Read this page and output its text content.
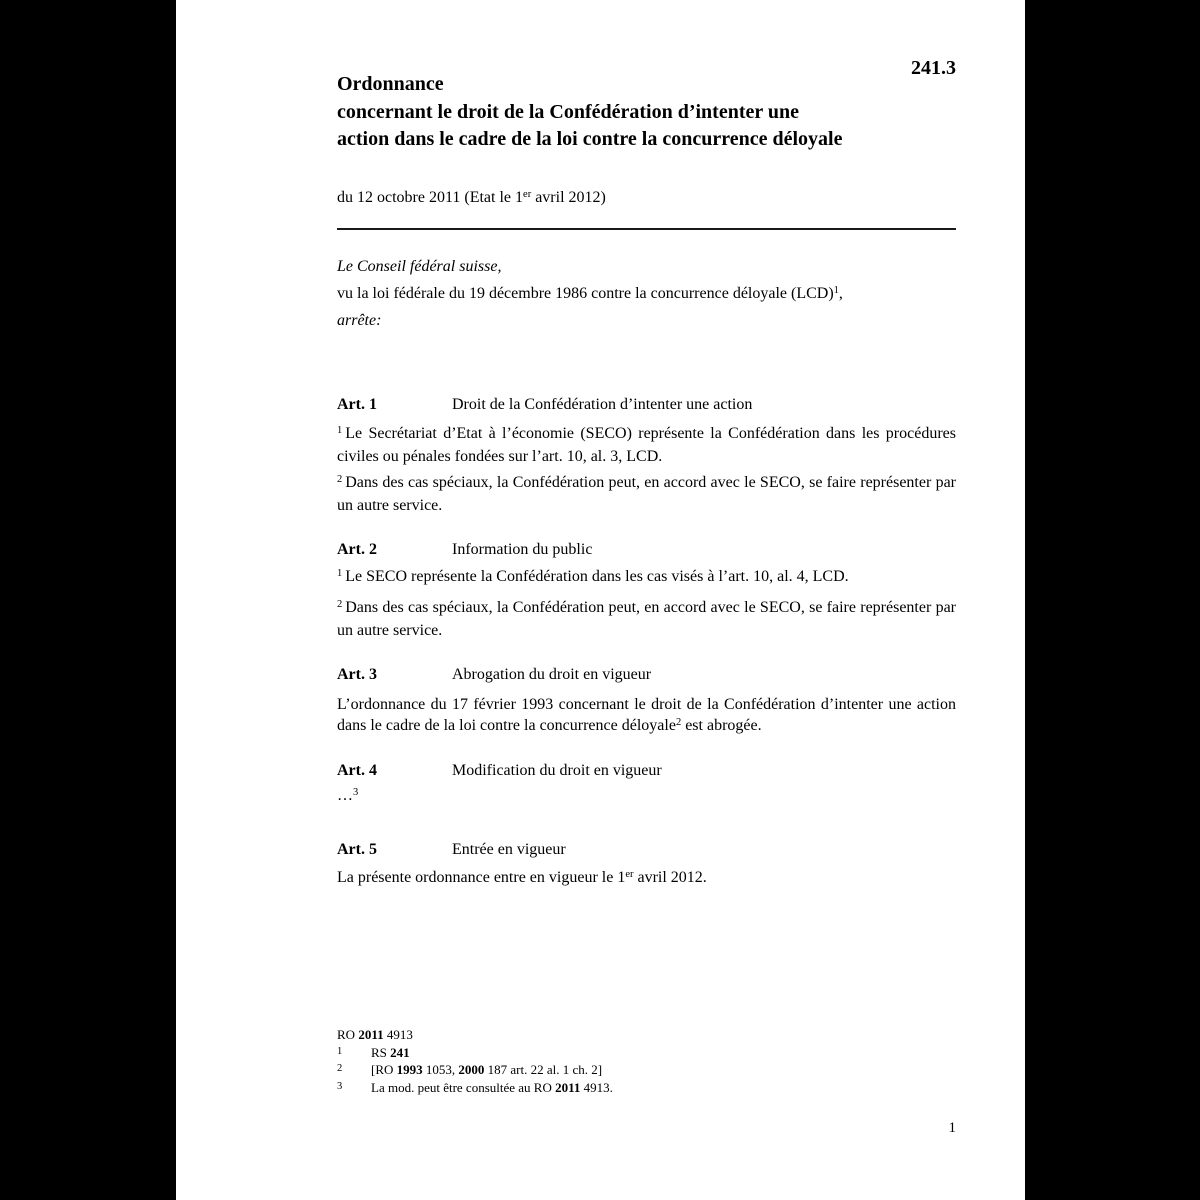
241.3
Ordonnance
concernant le droit de la Confédération d’intenter une
action dans le cadre de la loi contre la concurrence déloyale
du 12 octobre 2011 (Etat le 1er avril 2012)
Le Conseil fédéral suisse,
vu la loi fédérale du 19 décembre 1986 contre la concurrence déloyale (LCD)$^1$,
arrête:
Art. 1	Droit de la Confédération d’intenter une action
$^1$ Le Secrétariat d’Etat à l’économie (SECO) représente la Confédération dans les procédures civiles ou pénales fondées sur l’art. 10, al. 3, LCD.
$^2$ Dans des cas spéciaux, la Confédération peut, en accord avec le SECO, se faire représenter par un autre service.
Art. 2	Information du public
$^1$ Le SECO représente la Confédération dans les cas visés à l’art. 10, al. 4, LCD.
$^2$ Dans des cas spéciaux, la Confédération peut, en accord avec le SECO, se faire représenter par un autre service.
Art. 3	Abrogation du droit en vigueur
L’ordonnance du 17 février 1993 concernant le droit de la Confédération d’intenter une action dans le cadre de la loi contre la concurrence déloyale$^2$ est abrogée.
Art. 4	Modification du droit en vigueur
…$^3$
Art. 5	Entrée en vigueur
La présente ordonnance entre en vigueur le 1er avril 2012.
RO 2011 4913
1 RS 241
2 [RO 1993 1053, 2000 187 art. 22 al. 1 ch. 2]
3 La mod. peut être consultée au RO 2011 4913.
1
